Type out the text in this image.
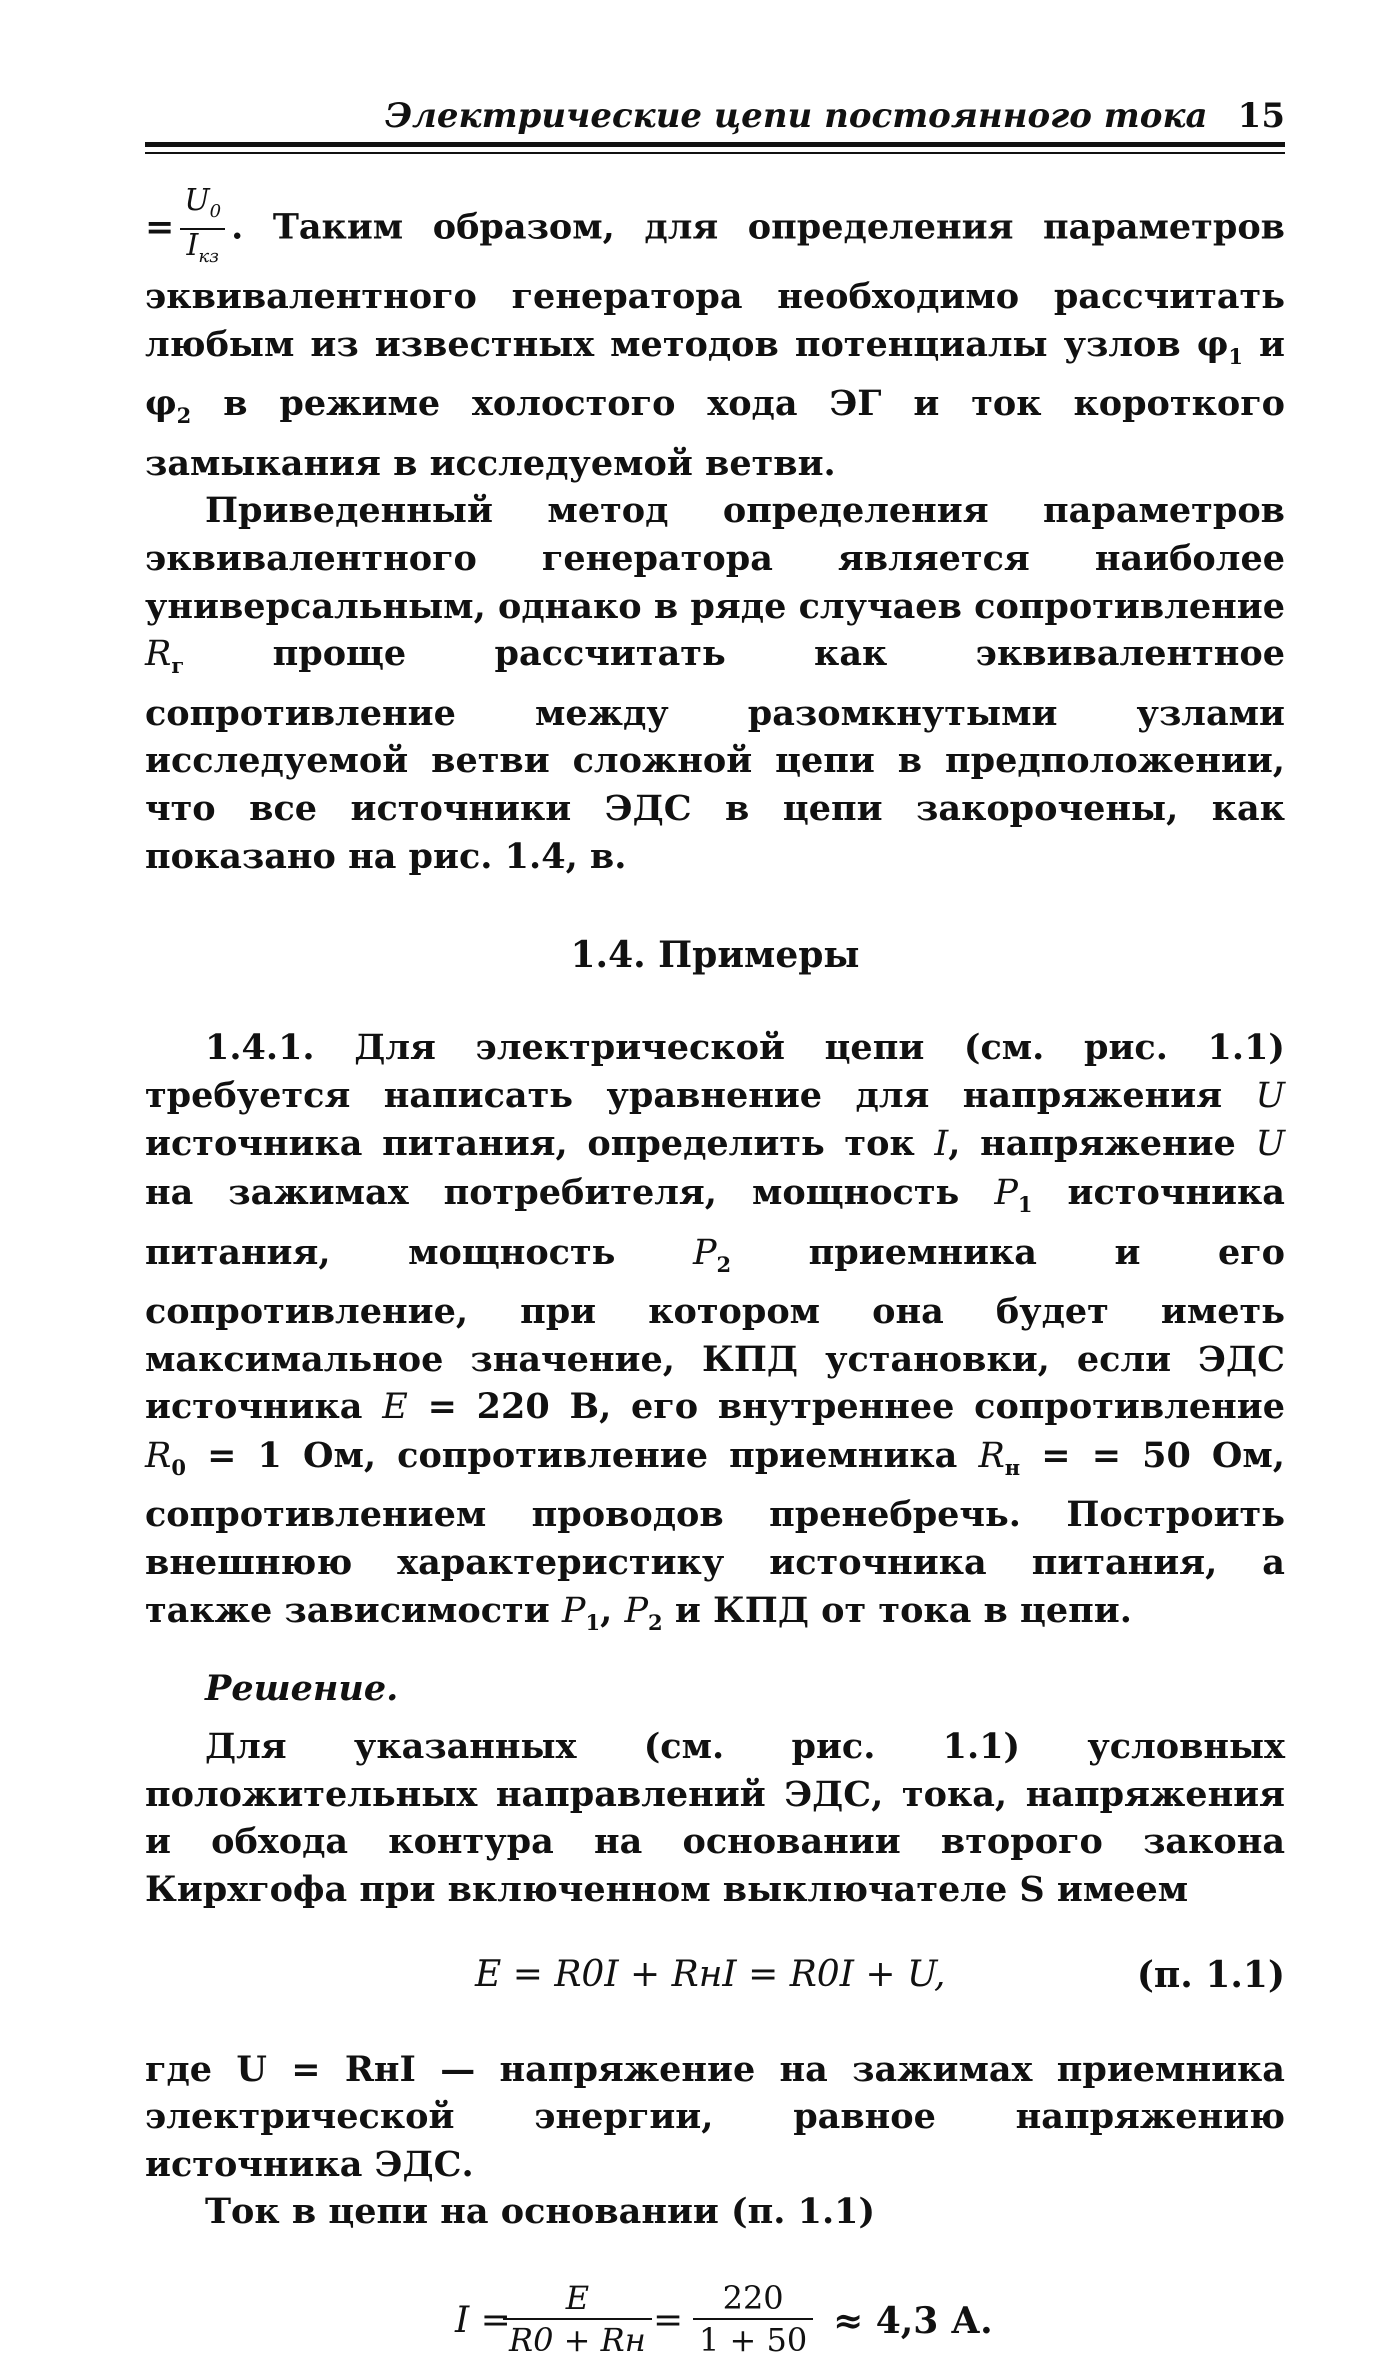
Электрические цепи постоянного тока 15

= $\frac{U_0}{I_{кз}}$ . Таким образом, для определения параметров эквивалентного генератора необходимо рассчитать любым из известных методов потенциалы узлов $\varphi_1$ и $\varphi_2$ в режиме холостого хода ЭГ и ток короткого замыкания в исследуемой ветви.

Приведенный метод определения параметров эквивалентного генератора является наиболее универсальным, однако в ряде случаев сопротивление $R_г$ проще рассчитать как эквивалентное сопротивление между разомкнутыми узлами исследуемой ветви сложной цепи в предположении, что все источники ЭДС в цепи закорочены, как показано на рис. 1.4, в.

1.4. Примеры

1.4.1. Для электрической цепи (см. рис. 1.1) требуется написать уравнение для напряжения U источника питания, определить ток I, напряжение U на зажимах потребителя, мощность $P_1$ источника питания, мощность $P_2$ приемника и его сопротивление, при котором она будет иметь максимальное значение, КПД установки, если ЭДС источника E = 220 В, его внутреннее сопротивление $R_0 = 1$ Ом, сопротивление приемника $R_н$ = = 50 Ом, сопротивлением проводов пренебречь. Построить внешнюю характеристику источника питания, а также зависимости $P_1$, $P_2$ и КПД от тока в цепи.

Решение.

Для указанных (см. рис. 1.1) условных положительных направлений ЭДС, тока, напряжения и обхода контура на основании второго закона Кирхгофа при включенном выключателе S имеем

E = R0I + RнI = R0I + U,	(п. 1.1)

где U = RнI — напряжение на зажимах приемника электрической энергии, равное напряжению источника ЭДС.

Ток в цепи на основании (п. 1.1)

I =
E
R0 + Rн = $\frac{220}{1 + 50} \approx 4,3$ А.
